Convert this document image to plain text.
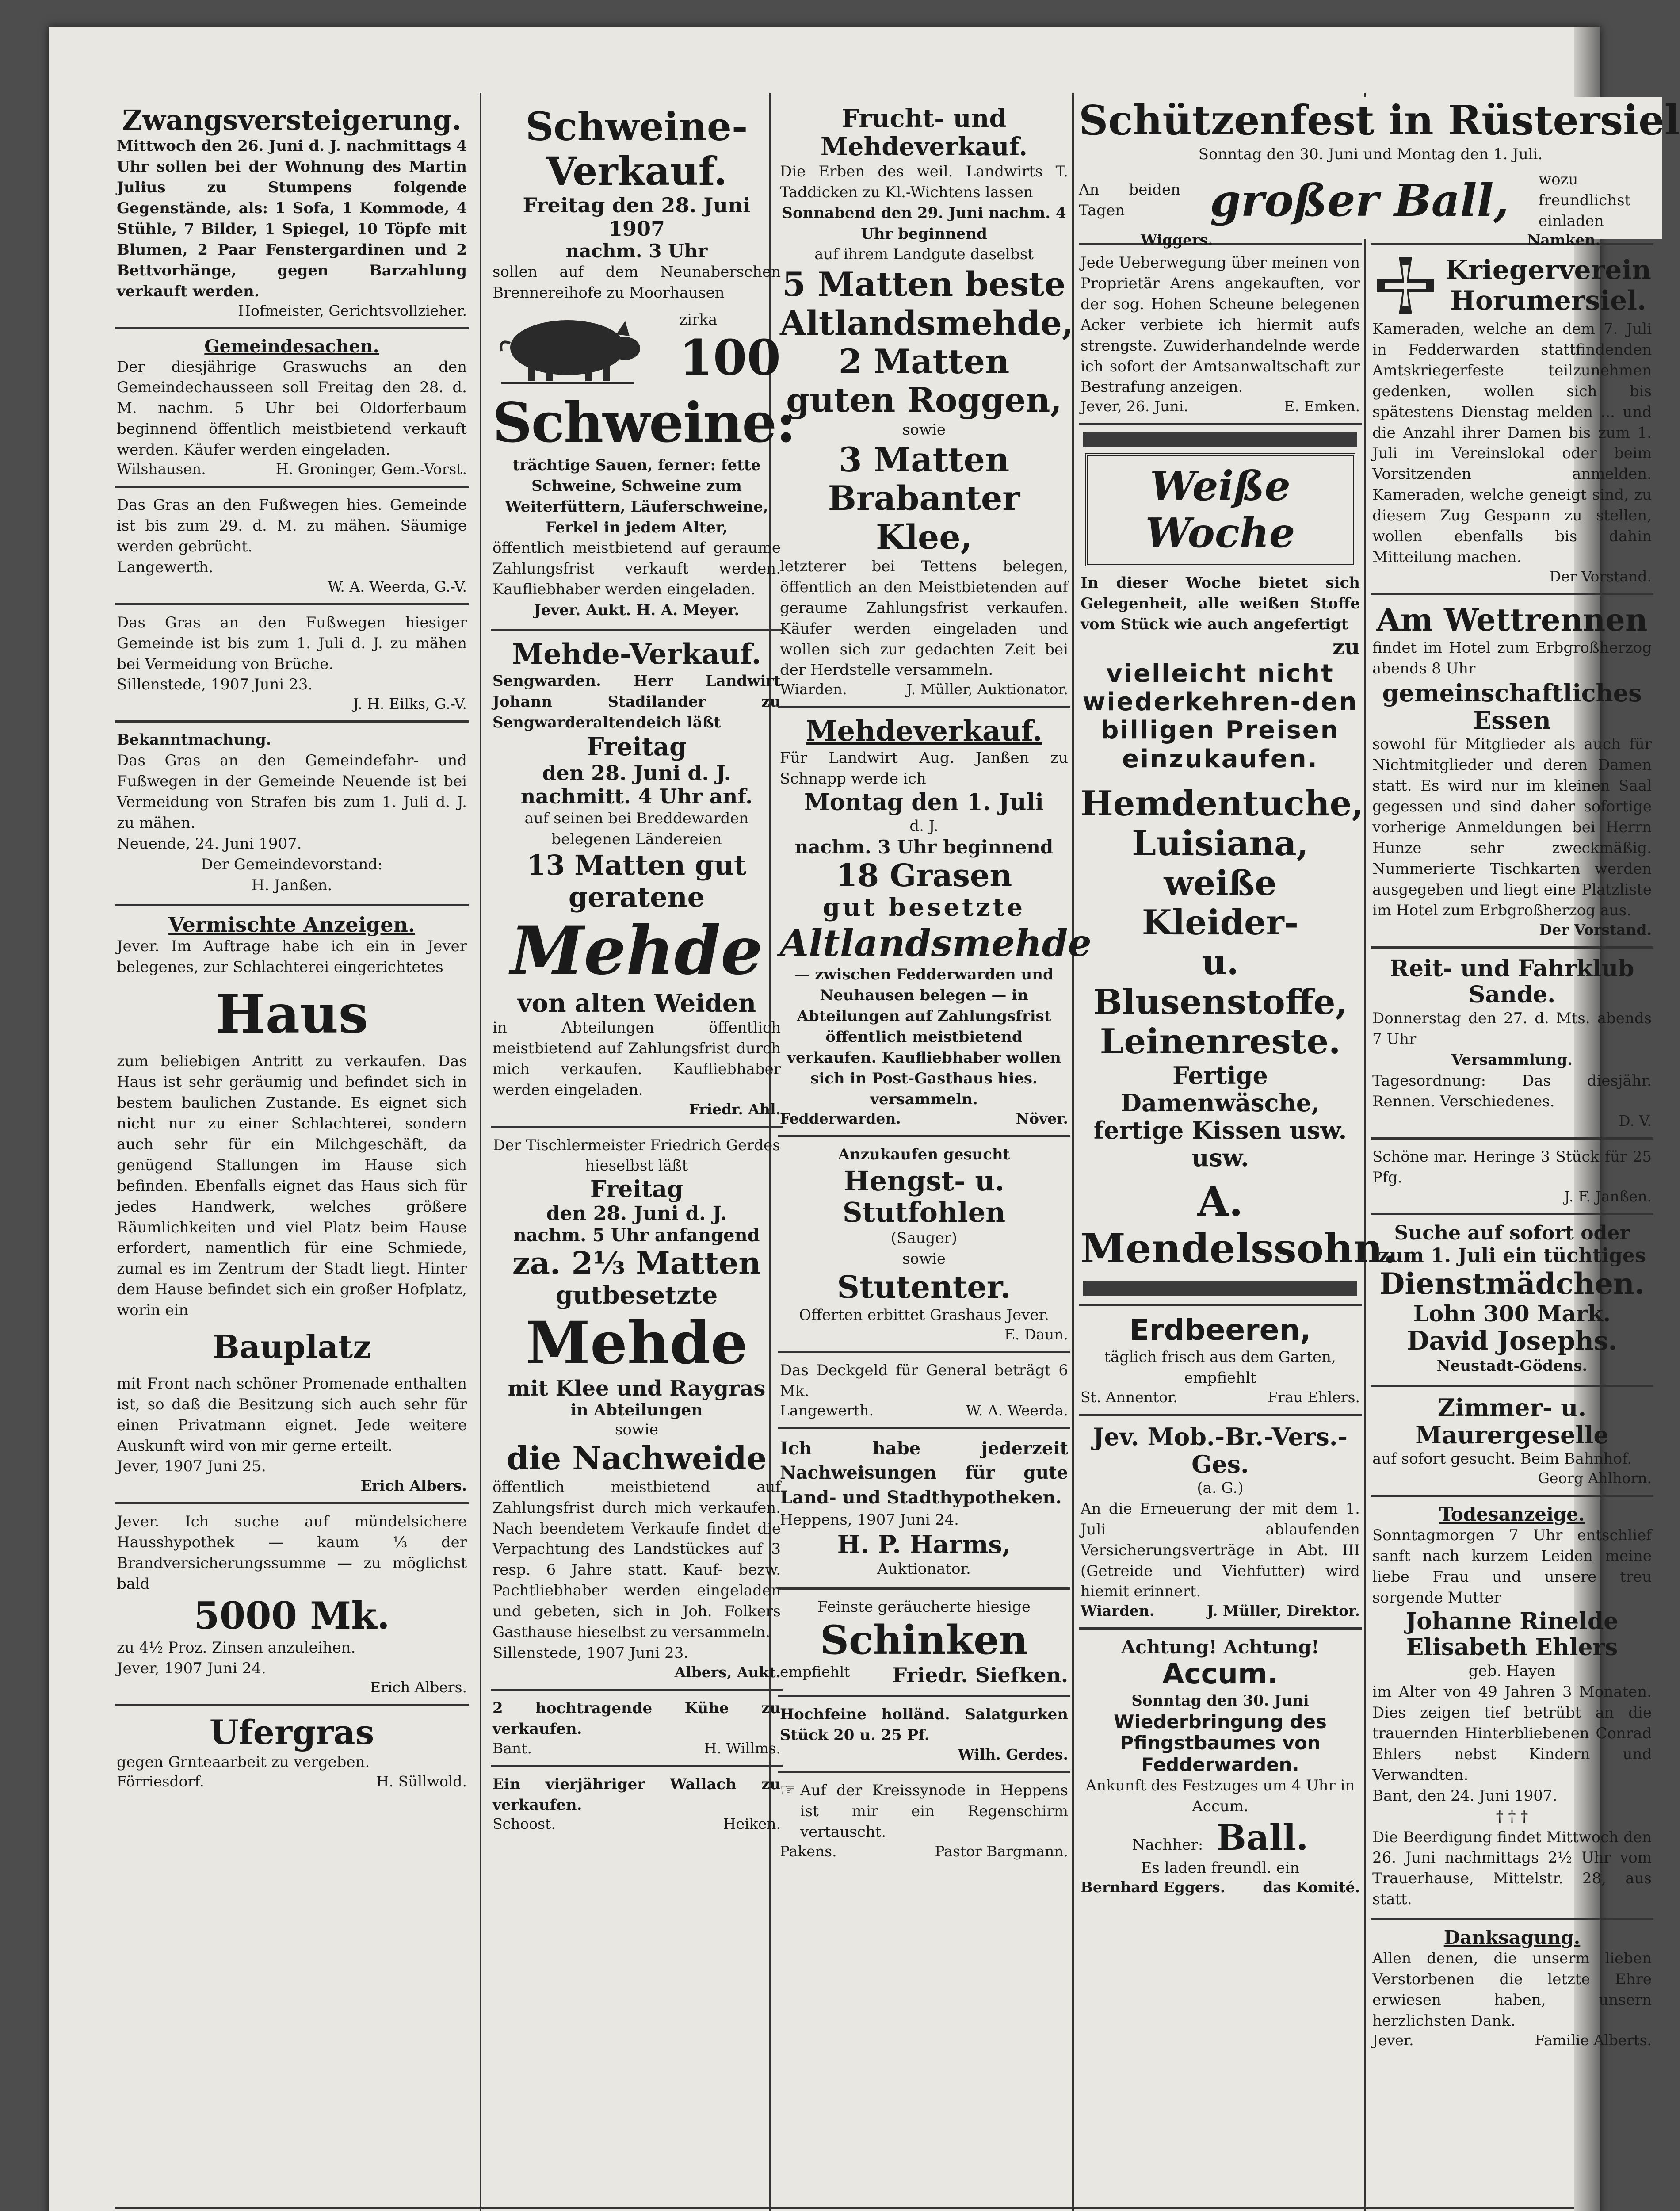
Zwangsversteigerung.
Mittwoch den 26. Juni d. J. nachmittags 4 Uhr sollen bei der Wohnung des Martin Julius zu Stumpens folgende Gegenstände, als: 1 Sofa, 1 Kommode, 4 Stühle, 7 Bilder, 1 Spiegel, 10 Töpfe mit Blumen, 2 Paar Fenstergardinen und 2 Bettvorhänge, gegen Barzahlung verkauft werden.
Hofmeister, Gerichtsvollzieher.
Gemeindesachen.
Der diesjährige Graswuchs an den Gemeindechausseen soll Freitag den 28. d. M. nachm. 5 Uhr bei Oldorferbaum beginnend öffentlich meistbietend verkauft werden. Käufer werden eingeladen.
Wilshausen.	H. Groninger, Gem.-Vorst.
Das Gras an den Fußwegen hies. Gemeinde ist bis zum 29. d. M. zu mähen. Säumige werden gebrücht.
Langewerth.
W. A. Weerda, G.-V.
Das Gras an den Fußwegen hiesiger Gemeinde ist bis zum 1. Juli d. J. zu mähen bei Vermeidung von Brüche.
Sillenstede, 1907 Juni 23.
J. H. Eilks, G.-V.
Bekanntmachung.
Das Gras an den Gemeindefahr- und Fußwegen in der Gemeinde Neuende ist bei Vermeidung von Strafen bis zum 1. Juli d. J. zu mähen.
Neuende, 24. Juni 1907.
Der Gemeindevorstand:
H. Janßen.
Vermischte Anzeigen.
Jever. Im Auftrage habe ich ein in Jever belegenes, zur Schlachterei eingerichtetes
Haus
zum beliebigen Antritt zu verkaufen. Das Haus ist sehr geräumig und befindet sich in bestem baulichen Zustande. Es eignet sich nicht nur zu einer Schlachterei, sondern auch sehr für ein Milchgeschäft, da genügend Stallungen im Hause sich befinden. Ebenfalls eignet das Haus sich für jedes Handwerk, welches größere Räumlichkeiten und viel Platz beim Hause erfordert, namentlich für eine Schmiede, zumal es im Zentrum der Stadt liegt. Hinter dem Hause befindet sich ein großer Hofplatz, worin ein
Bauplatz
mit Front nach schöner Promenade enthalten ist, so daß die Besitzung sich auch sehr für einen Privatmann eignet. Jede weitere Auskunft wird von mir gerne erteilt.
Jever, 1907 Juni 25.
Erich Albers.
Jever. Ich suche auf mündelsichere Hausshypothek — kaum ⅓ der Brandversicherungssumme — zu möglichst bald
5000 Mk.
zu 4½ Proz. Zinsen anzuleihen.
Jever, 1907 Juni 24.
Erich Albers.
Ufergras
gegen Grnteaarbeit zu vergeben.
Förriesdorf.	H. Süllwold.
Schweine-
Verkauf.
Freitag den 28. Juni 1907
nachm. 3 Uhr
sollen auf dem Neunaberschen Brennereihofe zu Moorhausen
zirka
100
Schweine:
trächtige Sauen, ferner: fette Schweine, Schweine zum Weiterfüttern, Läuferschweine, Ferkel in jedem Alter,
öffentlich meistbietend auf geraume Zahlungsfrist verkauft werden. Kaufliebhaber werden eingeladen.
Jever. Aukt. H. A. Meyer.
Mehde-Verkauf.
Sengwarden. Herr Landwirt Johann Stadilander zu Sengwarderaltendeich läßt
Freitag
den 28. Juni d. J.
nachmitt. 4 Uhr anf.
auf seinen bei Breddewarden belegenen Ländereien
13 Matten gut geratene
Mehde
von alten Weiden
in Abteilungen öffentlich meistbietend auf Zahlungsfrist durch mich verkaufen. Kaufliebhaber werden eingeladen.
Friedr. Ahl.
Der Tischlermeister Friedrich Gerdes hieselbst läßt
Freitag
den 28. Juni d. J.
nachm. 5 Uhr anfangend
za. 2⅓ Matten
gutbesetzte
Mehde
mit Klee und Raygras
in Abteilungen
sowie
die Nachweide
öffentlich meistbietend auf Zahlungsfrist durch mich verkaufen. Nach beendetem Verkaufe findet die Verpachtung des Landstückes auf 3 resp. 6 Jahre statt. Kauf- bezw. Pachtliebhaber werden eingeladen und gebeten, sich in Joh. Folkers Gasthause hieselbst zu versammeln.
Sillenstede, 1907 Juni 23.
Albers, Aukt.
2 hochtragende Kühe zu verkaufen.
Bant.	H. Willms.
Ein vierjähriger Wallach zu verkaufen.
Schoost.	Heiken.
Frucht- und Mehdeverkauf.
Die Erben des weil. Landwirts T. Taddicken zu Kl.-Wichtens lassen
Sonnabend den 29. Juni nachm. 4 Uhr beginnend
auf ihrem Landgute daselbst
5 Matten beste
Altlandsmehde,
2 Matten
guten Roggen,
sowie
3 Matten
Brabanter Klee,
letzterer bei Tettens belegen, öffentlich an den Meistbietenden auf geraume Zahlungsfrist verkaufen. Käufer werden eingeladen und wollen sich zur gedachten Zeit bei der Herdstelle versammeln.
Wiarden.	J. Müller, Auktionator.
Mehdeverkauf.
Für Landwirt Aug. Janßen zu Schnapp werde ich
Montag den 1. Juli
d. J.
nachm. 3 Uhr beginnend
18 Grasen
gut besetzte
Altlandsmehde
— zwischen Fedderwarden und Neuhausen belegen — in Abteilungen auf Zahlungsfrist öffentlich meistbietend verkaufen. Kaufliebhaber wollen sich in Post-Gasthaus hies. versammeln.
Fedderwarden.	Növer.
Anzukaufen gesucht
Hengst- u. Stutfohlen
(Sauger)
sowie
Stutenter.
Offerten erbittet Grashaus Jever.
E. Daun.
Das Deckgeld für General beträgt 6 Mk.
Langewerth.	W. A. Weerda.
Ich habe jederzeit Nachweisungen für gute Land- und Stadthypotheken.
Heppens, 1907 Juni 24.
H. P. Harms,
Auktionator.
Feinste geräucherte hiesige
Schinken
empfiehlt Friedr. Siefken.
Hochfeine holländ. Salatgurken Stück 20 u. 25 Pf.
Wilh. Gerdes.
☞ Auf der Kreissynode in Heppens ist mir ein Regenschirm vertauscht.
Pakens.	Pastor Bargmann.
Schützenfest in Rüstersiel
Sonntag den 30. Juni und Montag den 1. Juli.
An beiden Tagen	großer Ball, wozu freundlichst einladen
Wiggers.	Namken.
Jede Ueberwegung über meinen von Proprietär Arens angekauften, vor der sog. Hohen Scheune belegenen Acker verbiete ich hiermit aufs strengste. Zuwiderhandelnde werde ich sofort der Amtsanwaltschaft zur Bestrafung anzeigen.
Jever, 26. Juni.	E. Emken.
Weiße Woche
In dieser Woche bietet sich Gelegenheit, alle weißen Stoffe vom Stück wie auch angefertigt
zu
vielleicht nicht wiederkehren-den billigen Preisen einzukaufen.
Hemdentuche,
Luisiana,
weiße Kleider-
u. Blusenstoffe,
Leinenreste.
Fertige Damenwäsche,
fertige Kissen usw. usw.
A. Mendelssohn.
Erdbeeren,
täglich frisch aus dem Garten, empfiehlt
St. Annentor.	Frau Ehlers.
Jev. Mob.-Br.-Vers.-Ges.
(a. G.)
An die Erneuerung der mit dem 1. Juli ablaufenden Versicherungsverträge in Abt. III (Getreide und Viehfutter) wird hiemit erinnert.
Wiarden.	J. Müller, Direktor.
Achtung! Achtung!
Accum.
Sonntag den 30. Juni
Wiederbringung des Pfingstbaumes von Fedderwarden.
Ankunft des Festzuges um 4 Uhr in Accum.
Nachher: Ball.
Es laden freundl. ein
Bernhard Eggers.	das Komité.
Kriegerverein Horumersiel.
Kameraden, welche an dem 7. Juli in Fedderwarden stattfindenden Amtskriegerfeste teilzunehmen gedenken, wollen sich bis spätestens Dienstag melden ... und die Anzahl ihrer Damen bis zum 1. Juli im Vereinslokal oder beim Vorsitzenden anmelden. Kameraden, welche geneigt sind, zu diesem Zug Gespann zu stellen, wollen ebenfalls bis dahin Mitteilung machen.
Der Vorstand.
Am Wettrennen
findet im Hotel zum Erbgroßherzog abends 8 Uhr
gemeinschaftliches Essen
sowohl für Mitglieder als auch für Nichtmitglieder und deren Damen statt. Es wird nur im kleinen Saal gegessen und sind daher sofortige vorherige Anmeldungen bei Herrn Hunze sehr zweckmäßig. Nummerierte Tischkarten werden ausgegeben und liegt eine Platzliste im Hotel zum Erbgroßherzog aus.
Der Vorstand.
Reit- und Fahrklub Sande.
Donnerstag den 27. d. Mts. abends 7 Uhr
Versammlung.
Tagesordnung: Das diesjähr. Rennen. Verschiedenes.
D. V.
Schöne mar. Heringe 3 Stück für 25 Pfg.
J. F. Janßen.
Suche auf sofort oder zum 1. Juli ein tüchtiges
Dienstmädchen.
Lohn 300 Mark.
David Josephs.
Neustadt-Gödens.
Zimmer- u. Maurergeselle
auf sofort gesucht. Beim Bahnhof.
Georg Ahlhorn.
Todesanzeige.
Sonntagmorgen 7 Uhr entschlief sanft nach kurzem Leiden meine liebe Frau und unsere treu sorgende Mutter
Johanne Rinelde
Elisabeth Ehlers
geb. Hayen
im Alter von 49 Jahren 3 Monaten. Dies zeigen tief betrübt an die trauernden Hinterbliebenen Conrad Ehlers nebst Kindern und Verwandten.
Bant, den 24. Juni 1907.
† † †
Die Beerdigung findet Mittwoch den 26. Juni nachmittags 2½ Uhr vom Trauerhause, Mittelstr. 28, aus statt.
Danksagung.
Allen denen, die unserm lieben Verstorbenen die letzte Ehre erwiesen haben, unsern herzlichsten Dank.
Jever.	Familie Alberts.
